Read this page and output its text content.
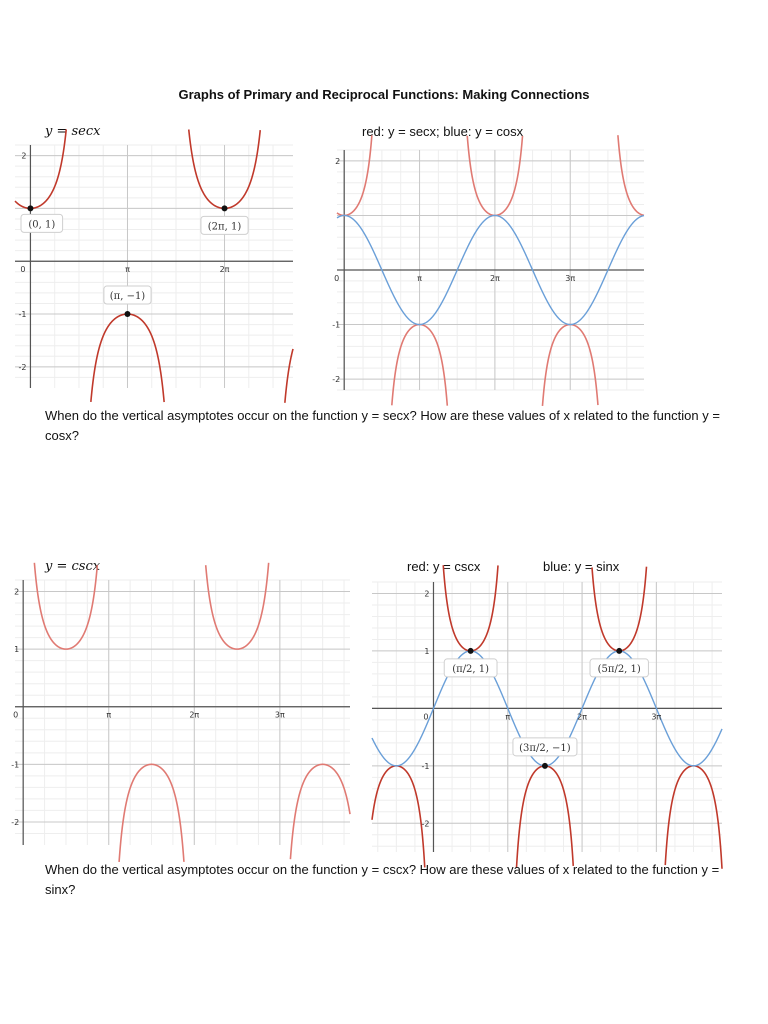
Graphs of Primary and Reciprocal Functions: Making Connections
y = secx	red: y = secx; blue: y = cosx
0	π	2π
2
-1
-2
(0, 1)	(2π, 1)
(π, −1)
0	π	2π	3π
2
-1
-2
When do the vertical asymptotes occur on the function y = secx? How are these values of x related to the function y = cosx?
y = cscx	red: y = cscx	blue: y = sinx
0	π	2π	3π
2
1
-1
-2
0	π	2π	3π
2
1
-1
-2
(π/2, 1)	(5π/2, 1)
(3π/2, −1)
When do the vertical asymptotes occur on the function y = cscx? How are these values of x related to the function y = sinx?
